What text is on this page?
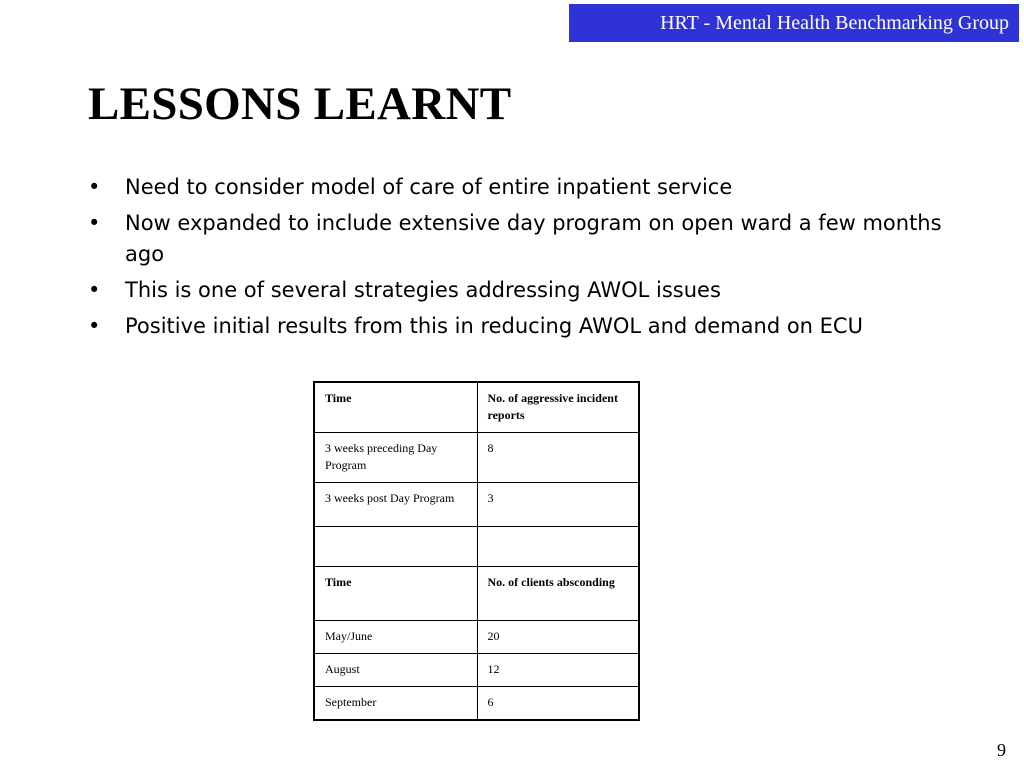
HRT - Mental Health Benchmarking Group
LESSONS LEARNT
• Need to consider model of care of entire inpatient service
• Now expanded to include extensive day program on open ward a few months ago
• This is one of several strategies addressing AWOL issues
• Positive initial results from this in reducing AWOL and demand on ECU
Time	No. of aggressive incident reports
3 weeks preceding Day Program	8
3 weeks post Day Program	3

Time	No. of clients absconding
May/June	20
August	12
September	6
9
